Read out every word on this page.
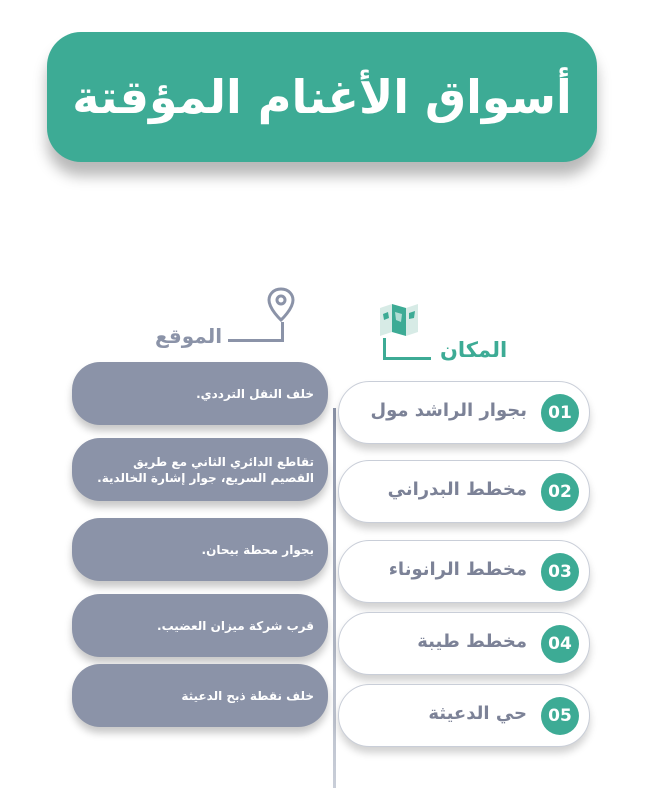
أسواق الأغنام المؤقتة
المكان
الموقع
خلف النقل الترددي.
تقاطع الدائري الثاني مع طريق القصيم السريع، جوار إشارة الخالدية.
بجوار محطة بيحان.
قرب شركة ميزان العضيب.
خلف نقطة ذبح الدعيثة
01
بجوار الراشد مول
02
مخطط البدراني
03
مخطط الرانوناء
04
مخطط طيبة
05
حي الدعيثة
